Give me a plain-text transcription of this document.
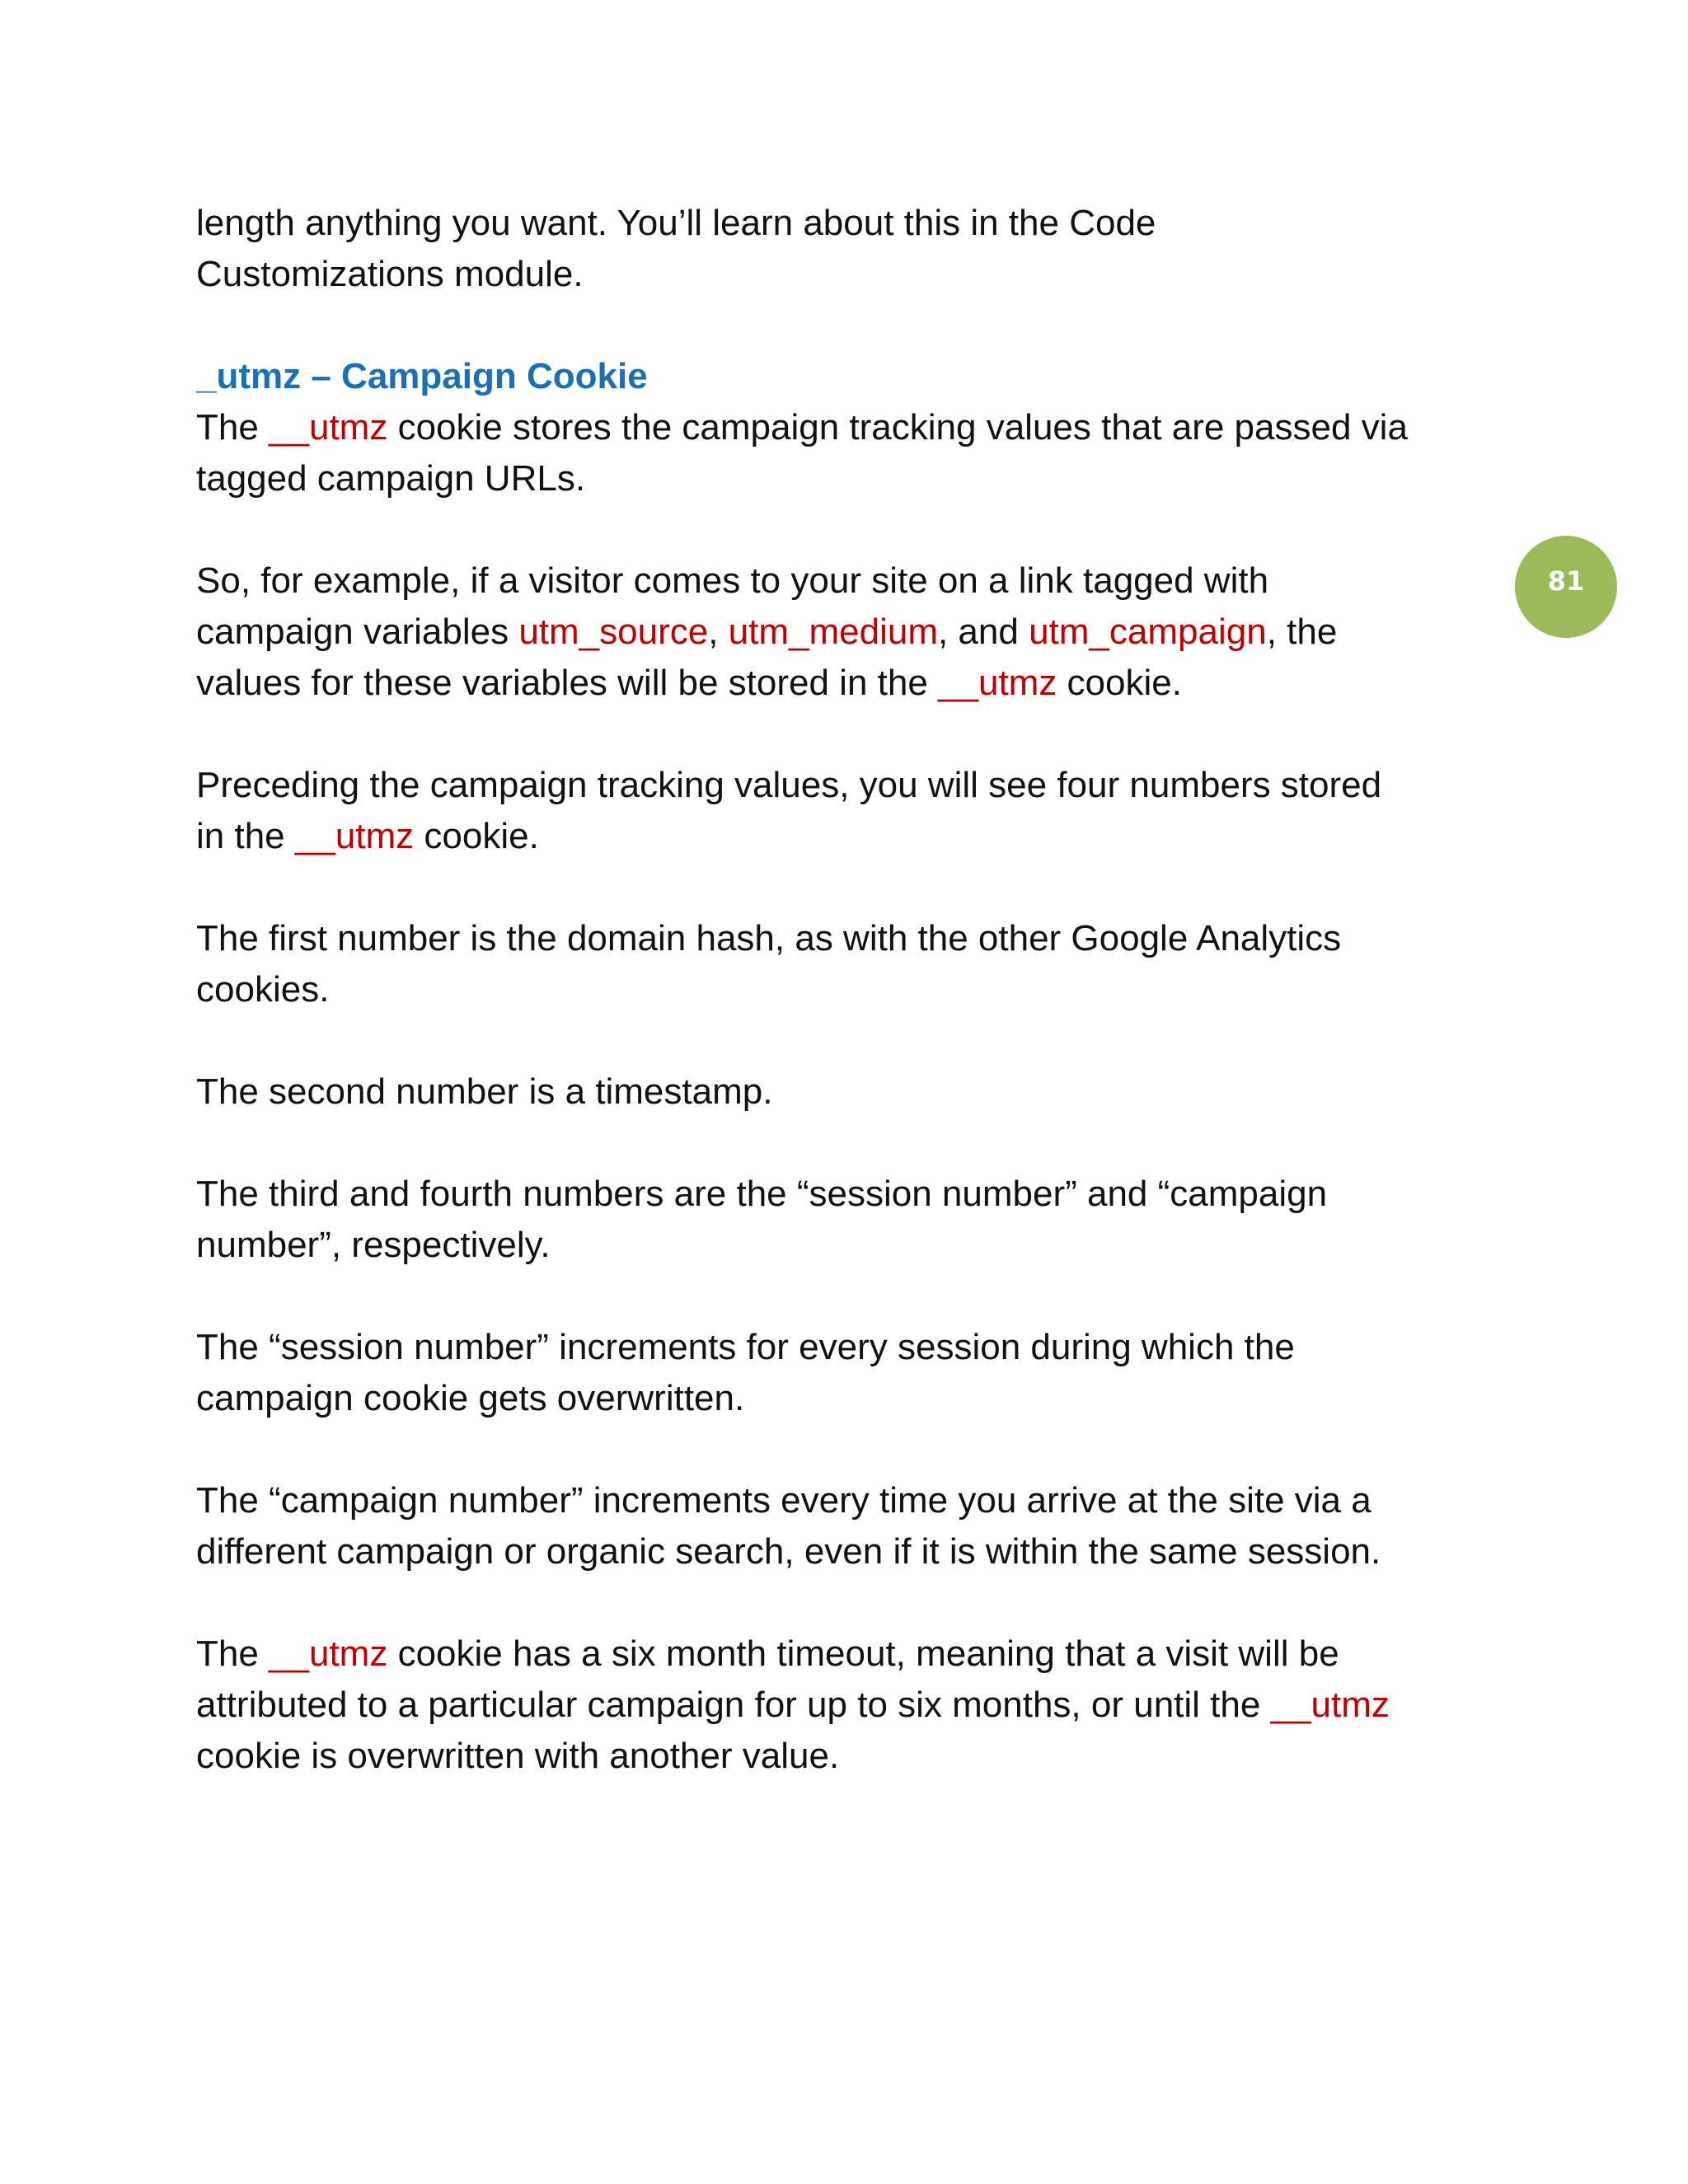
81

length anything you want. You’ll learn about this in the Code
Customizations module.

_utmz – Campaign Cookie
The __utmz cookie stores the campaign tracking values that are passed via
tagged campaign URLs.

So, for example, if a visitor comes to your site on a link tagged with
campaign variables utm_source, utm_medium, and utm_campaign, the
values for these variables will be stored in the __utmz cookie.

Preceding the campaign tracking values, you will see four numbers stored
in the __utmz cookie.

The first number is the domain hash, as with the other Google Analytics
cookies.

The second number is a timestamp.

The third and fourth numbers are the “session number” and “campaign
number”, respectively.

The “session number” increments for every session during which the
campaign cookie gets overwritten.

The “campaign number” increments every time you arrive at the site via a
different campaign or organic search, even if it is within the same session.

The __utmz cookie has a six month timeout, meaning that a visit will be
attributed to a particular campaign for up to six months, or until the __utmz
cookie is overwritten with another value.
